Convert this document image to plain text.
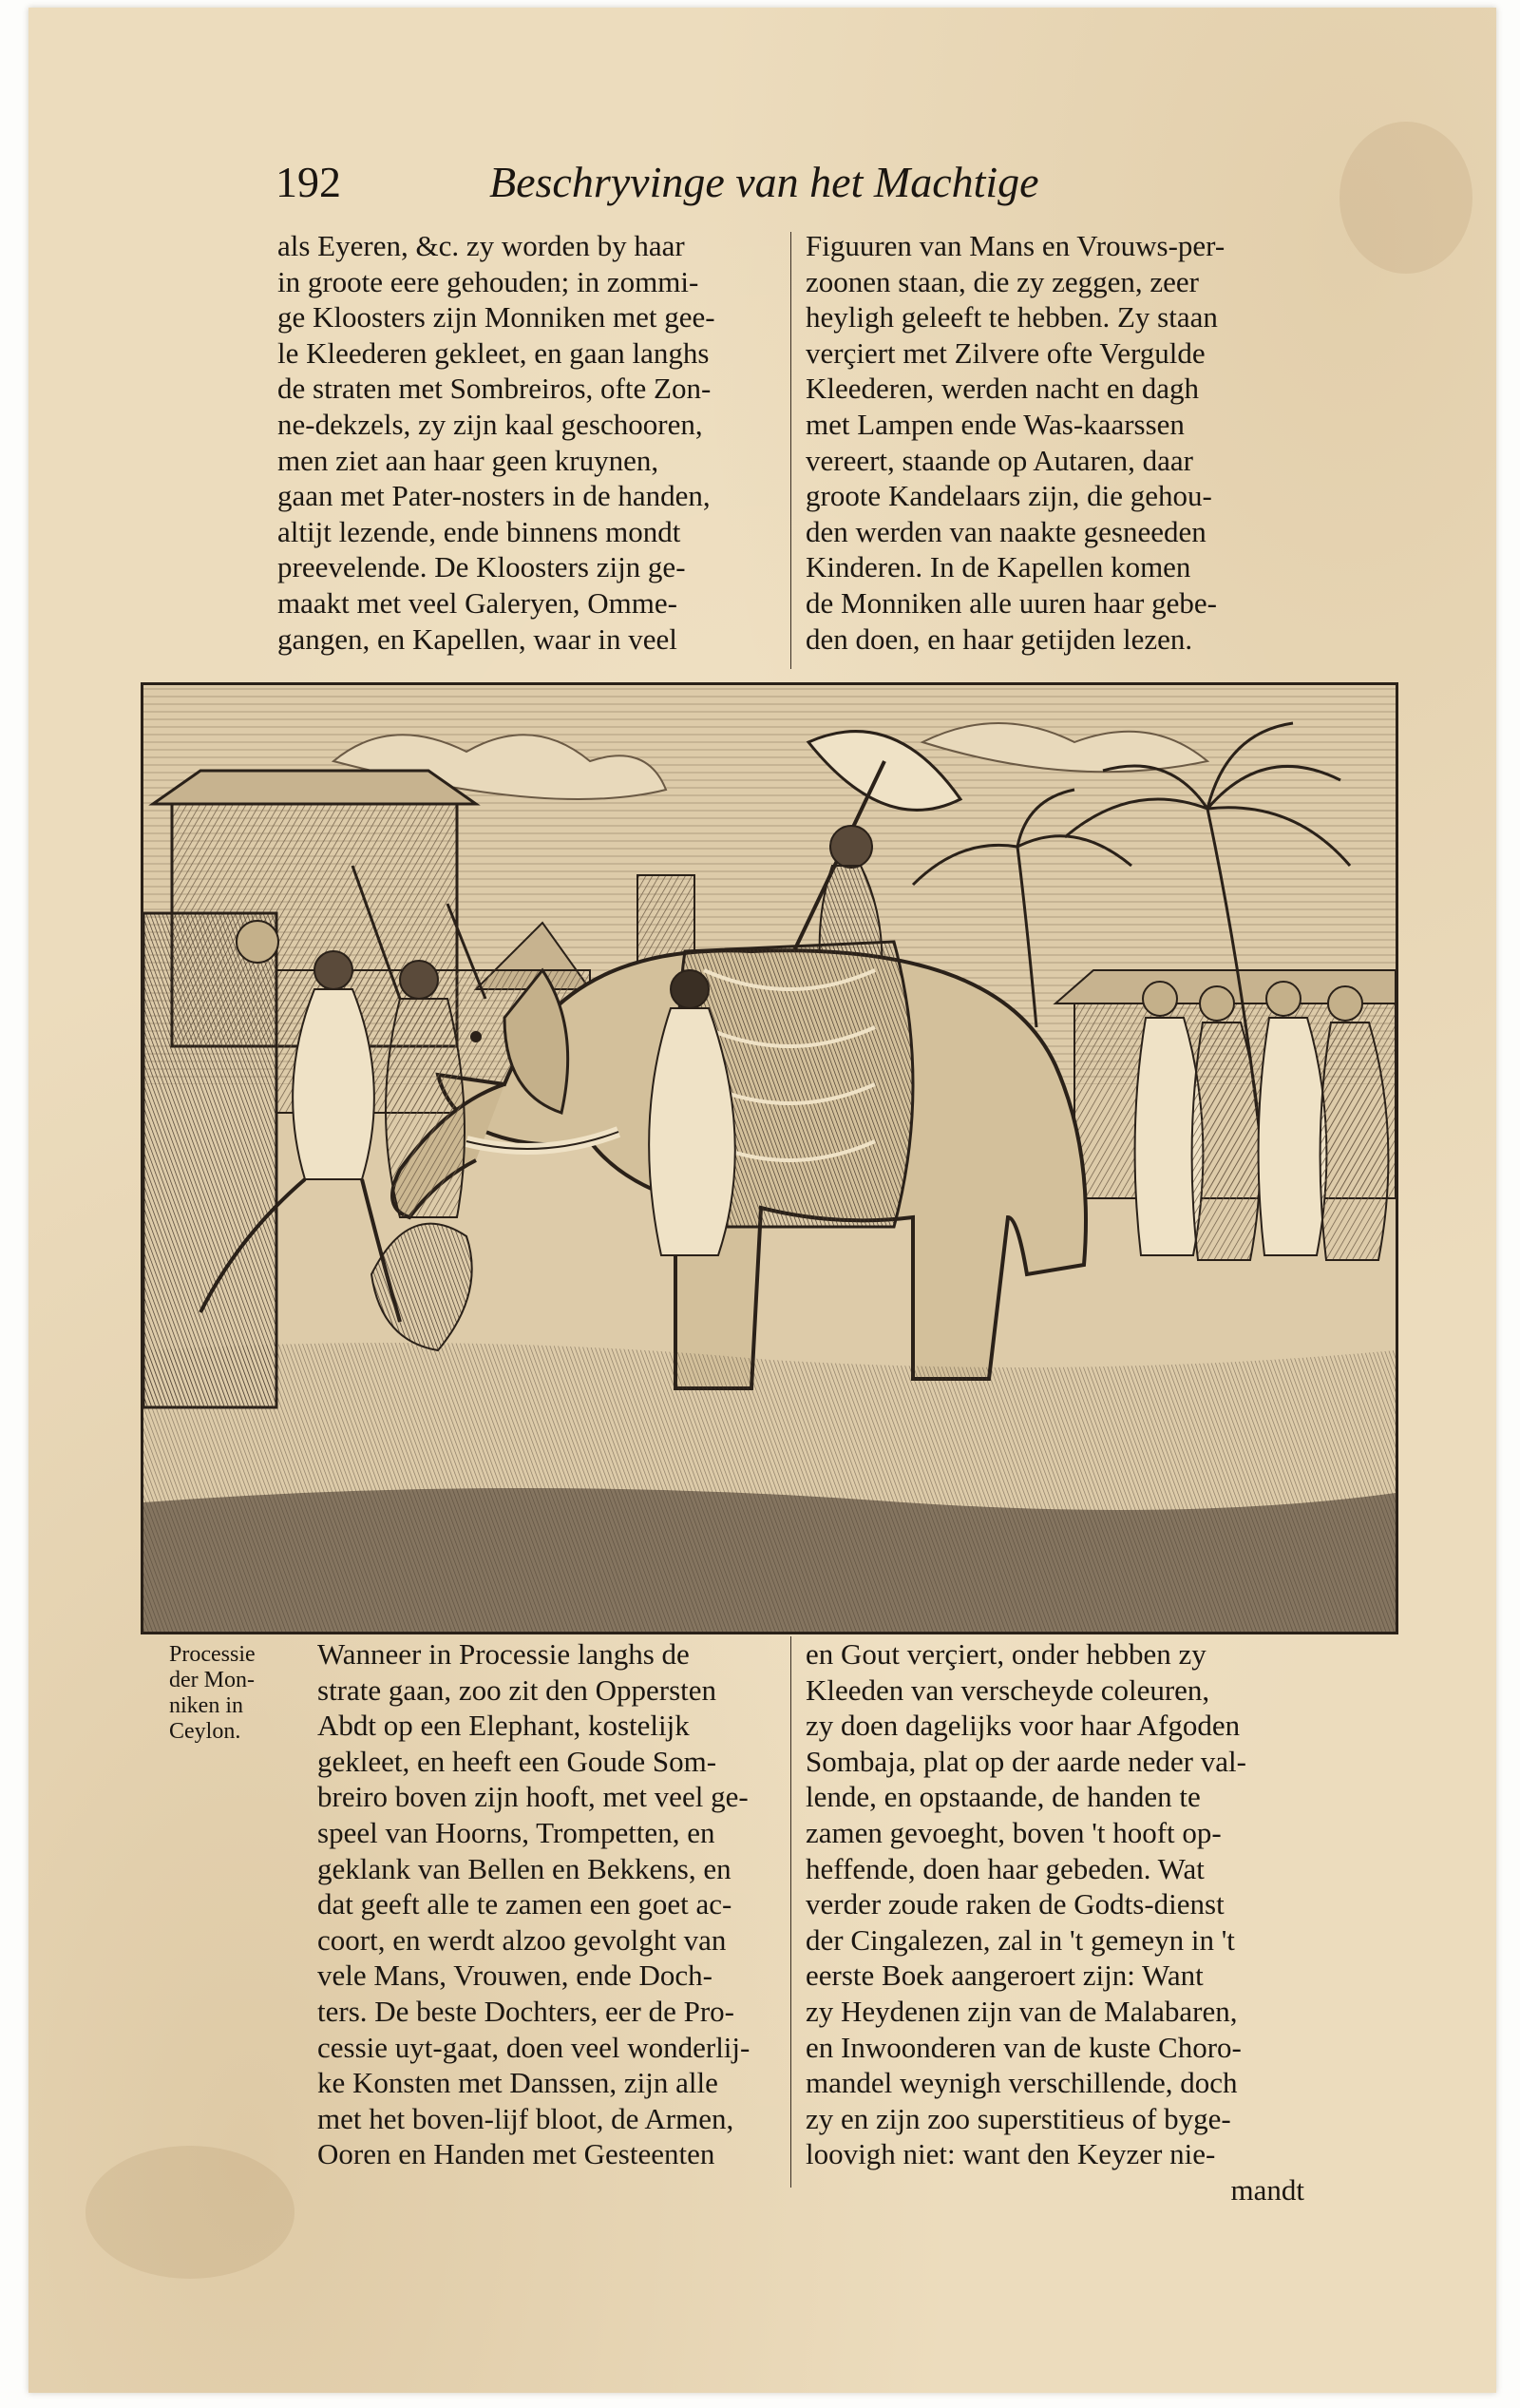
192	Beschryvinge van het Machtige
als Eyeren, &c. zy worden by haar
in groote eere gehouden; in zommi-
ge Kloosters zijn Monniken met gee-
le Kleederen gekleet, en gaan langhs
de straten met Sombreiros, ofte Zon-
ne-dekzels, zy zijn kaal geschooren,
men ziet aan haar geen kruynen,
gaan met Pater-nosters in de handen,
altijt lezende, ende binnens mondt
preevelende. De Kloosters zijn ge-
maakt met veel Galeryen, Omme-
gangen, en Kapellen, waar in veel
Figuuren van Mans en Vrouws-per-
zoonen staan, die zy zeggen, zeer
heyligh geleeft te hebben. Zy staan
verçiert met Zilvere ofte Vergulde
Kleederen, werden nacht en dagh
met Lampen ende Was-kaarssen
vereert, staande op Autaren, daar
groote Kandelaars zijn, die gehou-
den werden van naakte gesneeden
Kinderen. In de Kapellen komen
de Monniken alle uuren haar gebe-
den doen, en haar getijden lezen.
Processie
der Mon-
niken in
Ceylon.
Wanneer in Processie langhs de
strate gaan, zoo zit den Oppersten
Abdt op een Elephant, kostelijk
gekleet, en heeft een Goude Som-
breiro boven zijn hooft, met veel ge-
speel van Hoorns, Trompetten, en
geklank van Bellen en Bekkens, en
dat geeft alle te zamen een goet ac-
coort, en werdt alzoo gevolght van
vele Mans, Vrouwen, ende Doch-
ters. De beste Dochters, eer de Pro-
cessie uyt-gaat, doen veel wonderlij-
ke Konsten met Danssen, zijn alle
met het boven-lijf bloot, de Armen,
Ooren en Handen met Gesteenten
en Gout verçiert, onder hebben zy
Kleeden van verscheyde coleuren,
zy doen dagelijks voor haar Afgoden
Sombaja, plat op der aarde neder val-
lende, en opstaande, de handen te
zamen gevoeght, boven 't hooft op-
heffende, doen haar gebeden. Wat
verder zoude raken de Godts-dienst
der Cingalezen, zal in 't gemeyn in 't
eerste Boek aangeroert zijn: Want
zy Heydenen zijn van de Malabaren,
en Inwoonderen van de kuste Choro-
mandel weynigh verschillende, doch
zy en zijn zoo superstitieus of byge-
loovigh niet: want den Keyzer nie-
mandt
